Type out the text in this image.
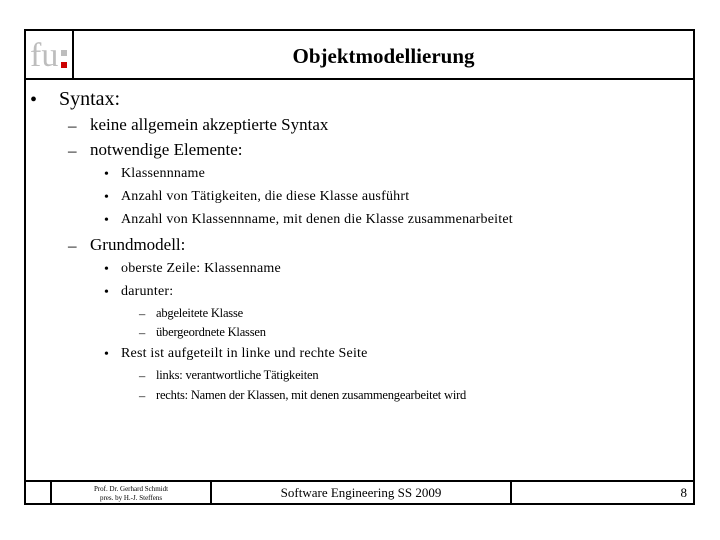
fu	Objektmodellierung
• Syntax:
– keine allgemein akzeptierte Syntax
– notwendige Elemente:
• Klassennname
• Anzahl von Tätigkeiten, die diese Klasse ausführt
• Anzahl von Klassennname, mit denen die Klasse zusammenarbeitet
– Grundmodell:
• oberste Zeile: Klassenname
• darunter:
– abgeleitete Klasse
– übergeordnete Klassen
• Rest ist aufgeteilt in linke und rechte Seite
– links: verantwortliche Tätigkeiten
– rechts: Namen der Klassen, mit denen zusammengearbeitet wird
Prof. Dr. Gerhard Schmidt
pres. by H.-J. Steffens	Software Engineering SS 2009	8
